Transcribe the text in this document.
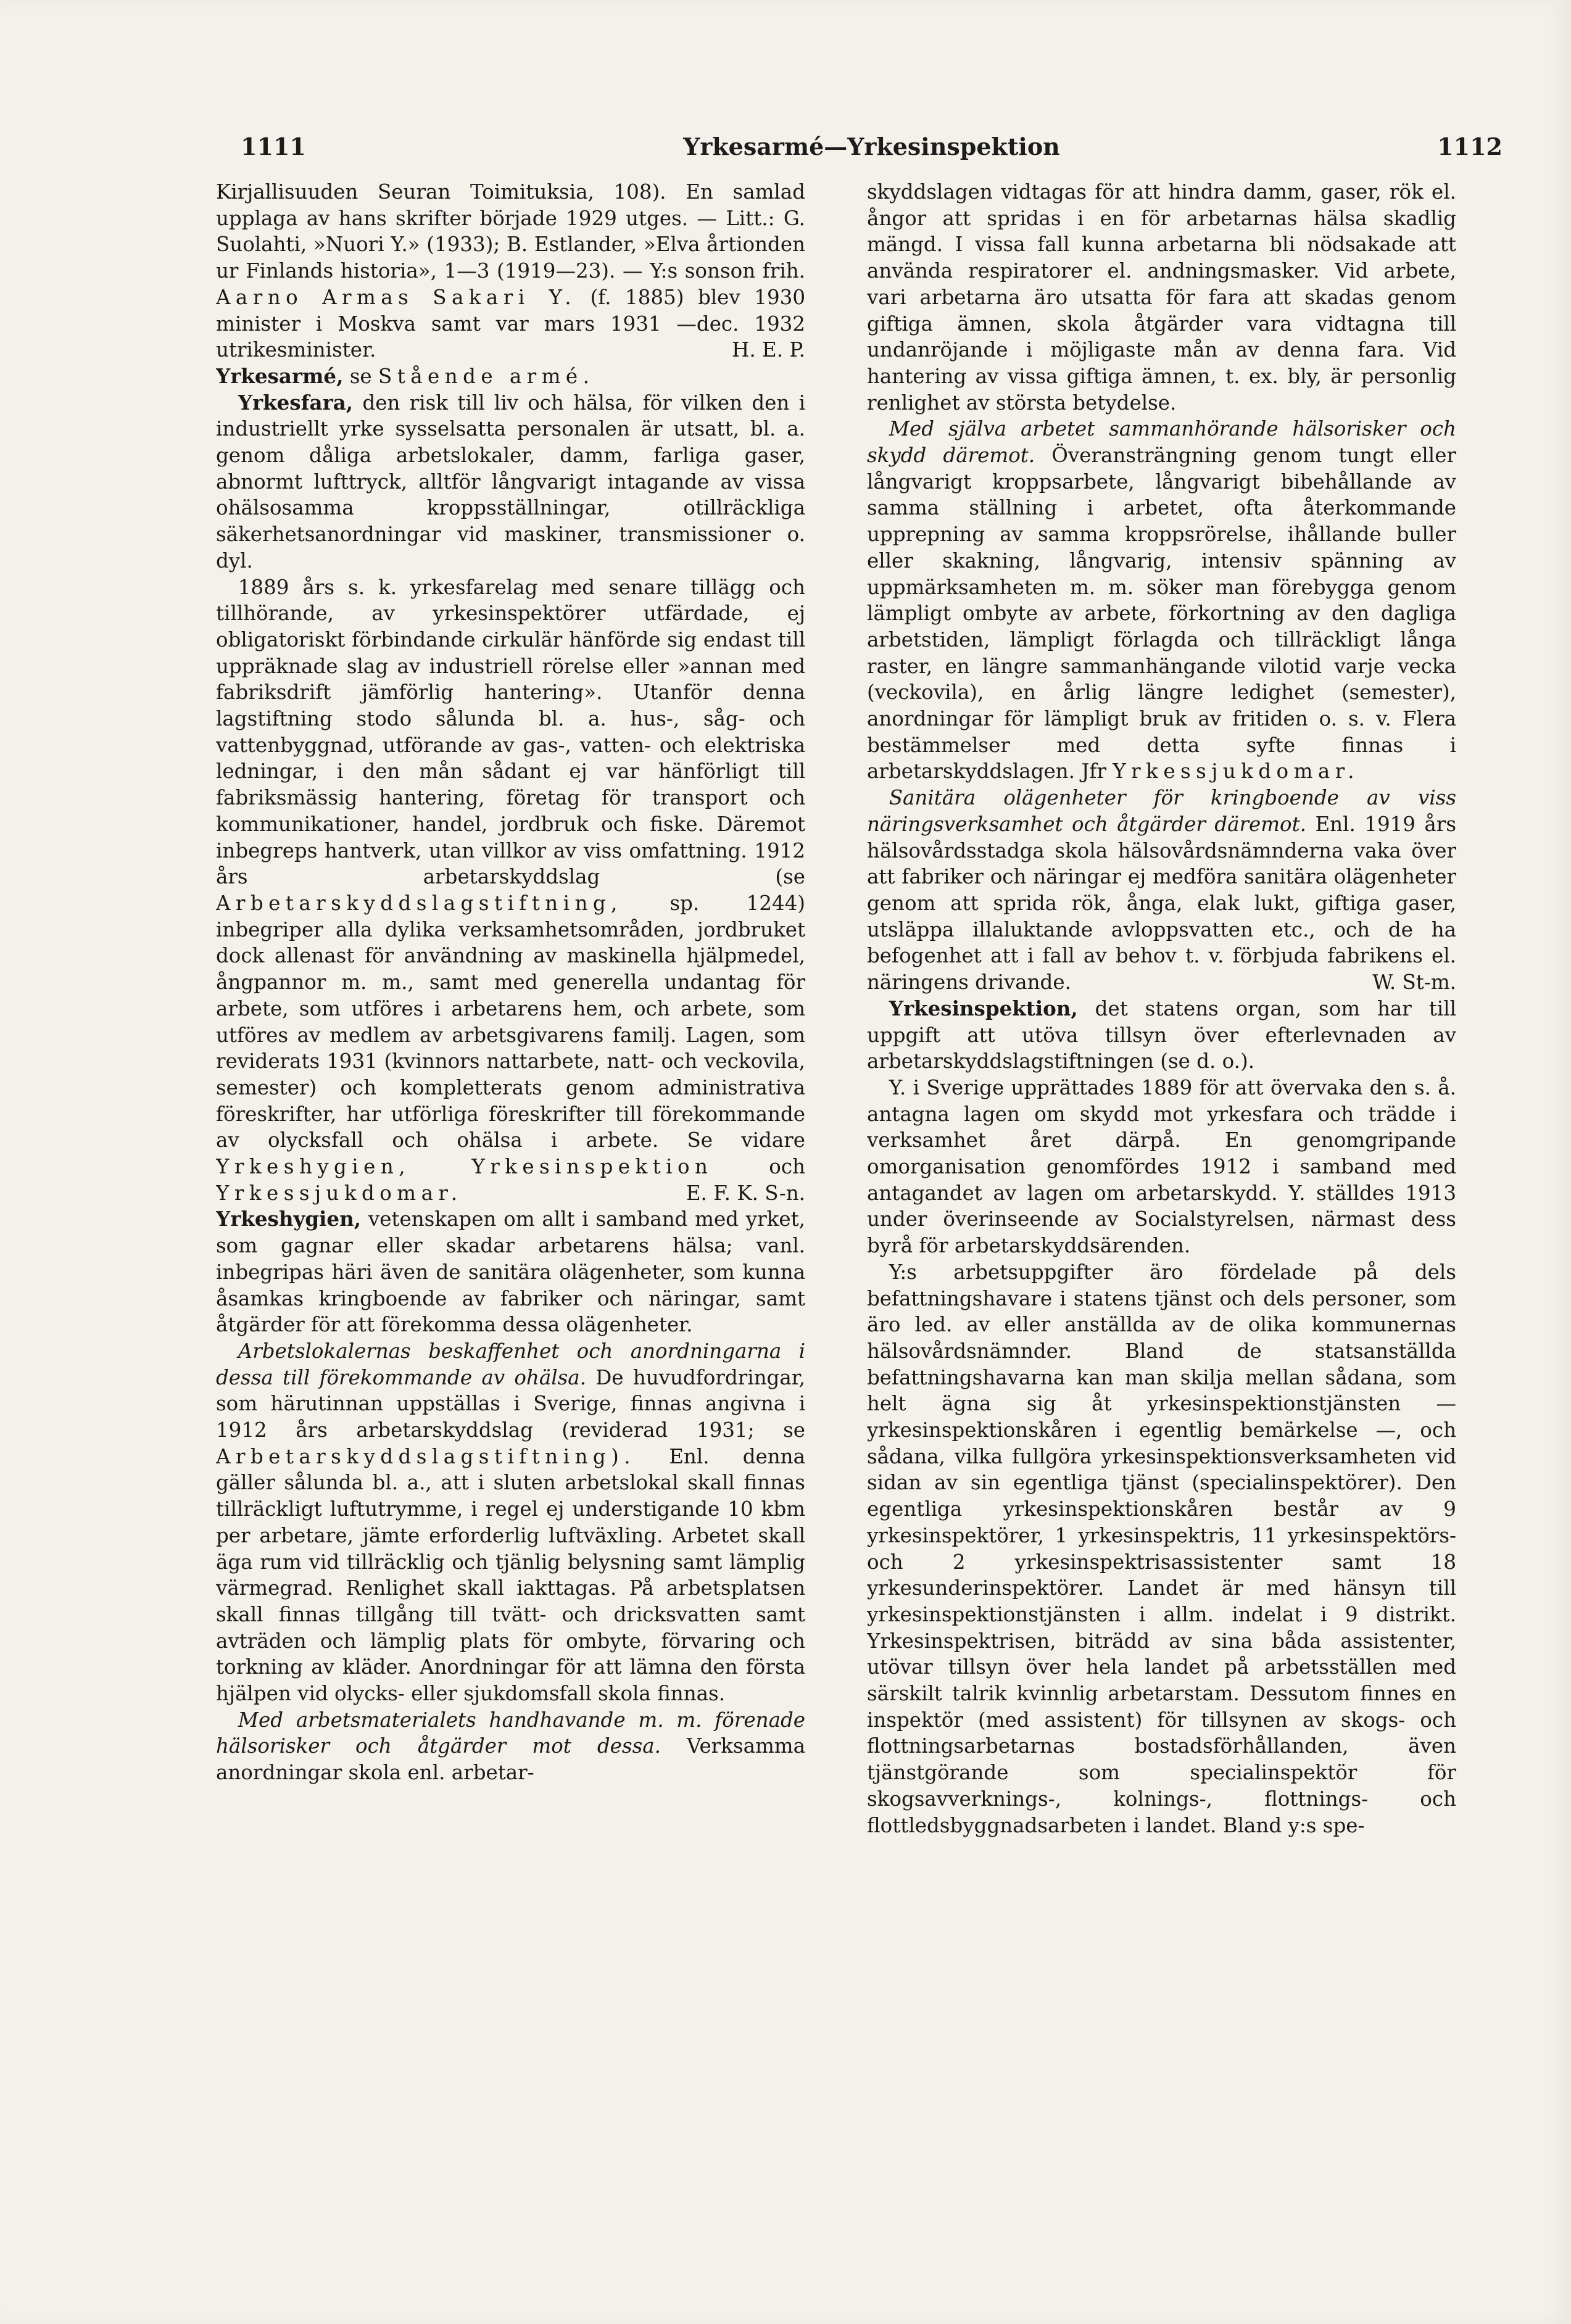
1111	Yrkesarmé—Yrkesinspektion	1112

Kirjallisuuden Seuran Toimituksia, 108). En samlad upplaga av hans skrifter började 1929 utges. — Litt.: G. Suolahti, »Nuori Y.» (1933); B. Estlander, »Elva årtionden ur Finlands historia», 1—3 (1919—23). — Y:s sonson frih. Aarno Armas Sakari Y. (f. 1885) blev 1930 minister i Moskva samt var mars 1931 —dec. 1932 utrikesminister.	H. E. P.

Yrkesarmé, se Stående armé.

Yrkesfara, den risk till liv och hälsa, för vilken den i industriellt yrke sysselsatta personalen är utsatt, bl. a. genom dåliga arbetslokaler, damm, farliga gaser, abnormt lufttryck, alltför långvarigt intagande av vissa ohälsosamma kroppsställningar, otillräckliga säkerhetsanordningar vid maskiner, transmissioner o. dyl.

1889 års s. k. yrkesfarelag med senare tillägg och tillhörande, av yrkesinspektörer utfärdade, ej obligatoriskt förbindande cirkulär hänförde sig endast till uppräknade slag av industriell rörelse eller »annan med fabriksdrift jämförlig hantering». Utanför denna lagstiftning stodo sålunda bl. a. hus-, såg- och vattenbyggnad, utförande av gas-, vatten- och elektriska ledningar, i den mån sådant ej var hänförligt till fabriksmässig hantering, företag för transport och kommunikationer, handel, jordbruk och fiske. Däremot inbegreps hantverk, utan villkor av viss omfattning. 1912 års arbetarskyddslag (se Arbetarskyddslagstiftning, sp. 1244) inbegriper alla dylika verksamhetsområden, jordbruket dock allenast för användning av maskinella hjälpmedel, ångpannor m. m., samt med generella undantag för arbete, som utföres i arbetarens hem, och arbete, som utföres av medlem av arbetsgivarens familj. Lagen, som reviderats 1931 (kvinnors nattarbete, natt- och veckovila, semester) och kompletterats genom administrativa föreskrifter, har utförliga föreskrifter till förekommande av olycksfall och ohälsa i arbete. Se vidare Yrkeshygien, Yrkesinspektion	och Yrkessjukdomar.	E. F. K. S-n.

Yrkeshygien, vetenskapen om allt i samband med yrket, som gagnar eller skadar arbetarens hälsa; vanl. inbegripas häri även de sanitära olägenheter, som kunna åsamkas kringboende av fabriker och näringar, samt åtgärder för att förekomma dessa olägenheter.

Arbetslokalernas beskaffenhet och anordningarna i dessa till förekommande av ohälsa. De huvudfordringar, som härutinnan uppställas i Sverige, finnas angivna i 1912 års arbetarskyddslag (reviderad 1931; se Arbetarskyddslagstiftning). Enl. denna gäller sålunda bl. a., att i sluten arbetslokal skall finnas tillräckligt luftutrymme, i regel ej understigande 10 kbm per arbetare, jämte erforderlig luftväxling. Arbetet skall äga rum vid tillräcklig och tjänlig belysning samt lämplig värmegrad. Renlighet skall iakttagas. På arbetsplatsen skall finnas tillgång till tvätt- och dricksvatten samt avträden och lämplig plats för ombyte, förvaring och torkning av kläder. Anordningar för att lämna den första hjälpen vid olycks- eller sjukdomsfall skola finnas.

Med arbetsmaterialets handhavande m. m. förenade hälsorisker och åtgärder mot dessa. Verksamma anordningar skola enl. arbetar-

skyddslagen vidtagas för att hindra damm, gaser, rök el. ångor att spridas i en för arbetarnas hälsa skadlig mängd. I vissa fall kunna arbetarna bli nödsakade att använda respiratorer el. andningsmasker. Vid arbete, vari arbetarna äro utsatta för fara att skadas genom giftiga ämnen, skola åtgärder vara vidtagna till undanröjande i möjligaste mån av denna fara. Vid hantering av vissa giftiga ämnen, t. ex. bly, är personlig renlighet av största betydelse.

Med själva arbetet sammanhörande hälsorisker och skydd däremot. Överansträngning genom tungt eller långvarigt kroppsarbete, långvarigt bibehållande av samma ställning i arbetet, ofta återkommande upprepning av samma kroppsrörelse, ihållande buller eller skakning, långvarig, intensiv spänning av uppmärksamheten m. m. söker man förebygga genom lämpligt ombyte av arbete, förkortning av den dagliga arbetstiden, lämpligt förlagda och tillräckligt långa raster, en längre sammanhängande vilotid varje vecka (veckovila), en årlig längre ledighet (semester), anordningar för lämpligt bruk av fritiden o. s. v. Flera bestämmelser med detta syfte finnas i arbetarskyddslagen. Jfr Yrkessjukdomar.

Sanitära olägenheter för kringboende av viss näringsverksamhet och åtgärder däremot. Enl. 1919 års hälsovårdsstadga skola hälsovårdsnämnderna vaka över att fabriker och näringar ej medföra sanitära olägenheter genom att sprida rök, ånga, elak lukt, giftiga gaser, utsläppa illaluktande avloppsvatten etc., och de ha befogenhet att i fall av behov t. v. förbjuda fabrikens el. näringens drivande.	W. St-m.

Yrkesinspektion, det statens organ, som har till uppgift att utöva tillsyn över efterlevnaden av arbetarskyddslagstiftningen (se d. o.).

Y. i Sverige upprättades 1889 för att övervaka den s. å. antagna lagen om skydd mot yrkesfara och trädde i verksamhet året därpå. En genomgripande omorganisation genomfördes 1912 i samband med antagandet av lagen om arbetarskydd. Y. ställdes 1913 under överinseende av Socialstyrelsen, närmast dess byrå för arbetarskyddsärenden.

Y:s arbetsuppgifter äro fördelade på dels befattningshavare i statens tjänst och dels personer, som äro led. av eller anställda av de olika kommunernas hälsovårdsnämnder. Bland de statsanställda befattningshavarna kan man skilja mellan sådana, som helt ägna sig åt yrkesinspektionstjänsten — yrkesinspektionskåren i egentlig bemärkelse —, och sådana, vilka fullgöra yrkesinspektionsverksamheten vid sidan av sin egentliga tjänst (specialinspektörer). Den egentliga yrkesinspektionskåren består av 9 yrkesinspektörer, 1 yrkesinspektris, 11 yrkesinspektörs- och 2 yrkesinspektrisassistenter samt 18 yrkesunderinspektörer. Landet är med hänsyn till yrkesinspektionstjänsten i allm. indelat i 9 distrikt. Yrkesinspektrisen, biträdd av sina båda assistenter, utövar tillsyn över hela landet på arbetsställen med särskilt talrik kvinnlig arbetarstam. Dessutom finnes en inspektör (med assistent) för tillsynen av skogs- och flottningsarbetarnas bostadsförhållanden, även tjänstgörande som specialinspektör för skogsavverknings-, kolnings-, flottnings- och flottledsbyggnadsarbeten i landet. Bland y:s spe-
